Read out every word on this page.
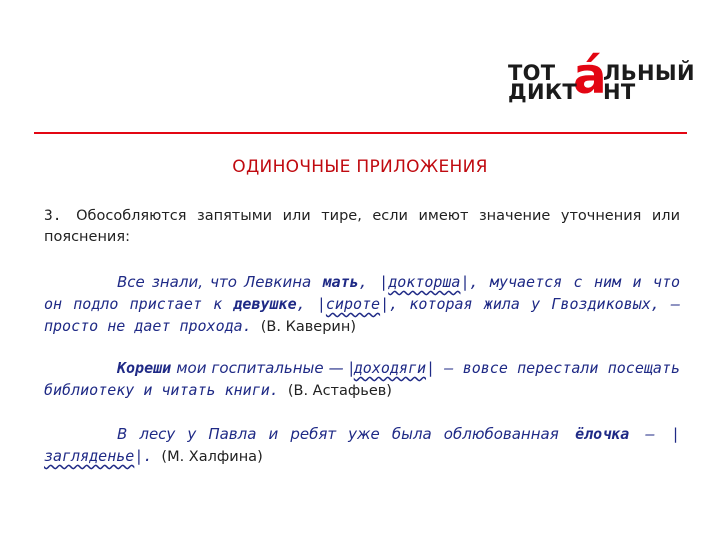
ТОТ а́
ЛЬНЫЙ
ДИКТ НТ
ОДИНОЧНЫЕ ПРИЛОЖЕНИЯ
3. Обособляются запятыми или тире, если имеют значение уточнения или пояснения:
Все знали, что Левкина мать, |докторша|, мучается с ним и что он подло пристает к девушке, |сироте|, которая жила у Гвоздиковых, — просто не дает прохода. (В. Каверин)
Кореши мои госпитальные — |доходяги| — вовсе перестали посещать библиотеку и читать книги. (В. Астафьев)
В лесу у Павла и ребят уже была облюбованная ёлочка — |загляденье|. (М. Халфина)
